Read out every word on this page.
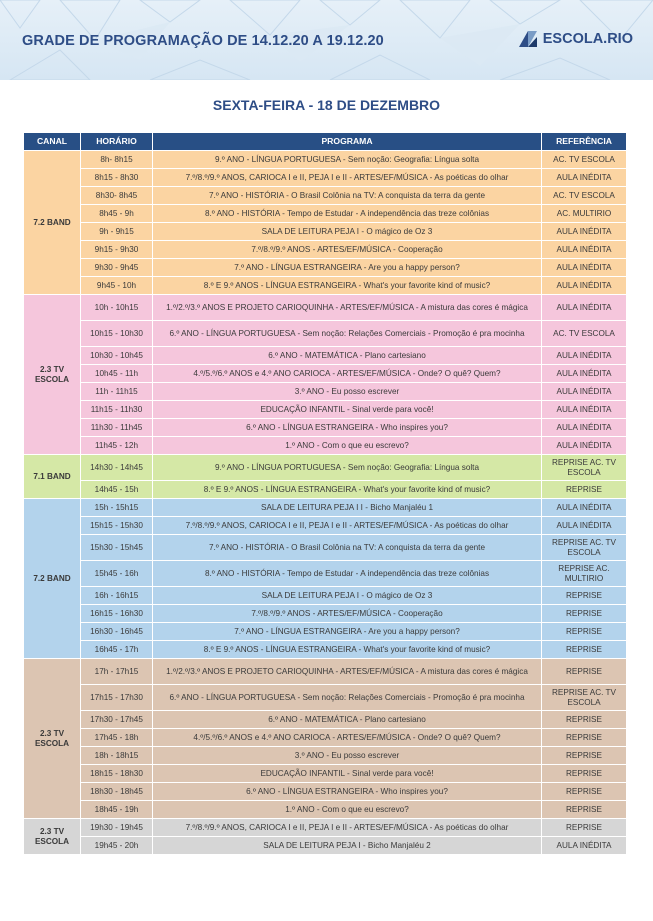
GRADE DE PROGRAMAÇÃO DE 14.12.20 A 19.12.20	ESCOLA.RIO
SEXTA-FEIRA - 18 DE DEZEMBRO
CANAL	HORÁRIO	PROGRAMA	REFERÊNCIA
7.2 BAND	8h- 8h15	9.º ANO - LÍNGUA PORTUGUESA - Sem noção: Geografia: Língua solta	AC. TV ESCOLA
	8h15 - 8h30	7.º/8.º/9.º ANOS, CARIOCA I e II, PEJA I e II - ARTES/EF/MÚSICA - As poéticas do olhar	AULA INÉDITA
	8h30- 8h45	7.º ANO - HISTÓRIA - O Brasil Colônia na TV: A conquista da terra da gente	AC. TV ESCOLA
	8h45 - 9h	8.º ANO - HISTÓRIA - Tempo de Estudar - A independência das treze colônias	AC. MULTIRIO
	9h - 9h15	SALA DE LEITURA PEJA I - O mágico de Oz 3	AULA INÉDITA
	9h15 - 9h30	7.º/8.º/9.º ANOS - ARTES/EF/MÚSICA - Cooperação	AULA INÉDITA
	9h30 - 9h45	7.º ANO - LÍNGUA ESTRANGEIRA - Are you a happy person?	AULA INÉDITA
	9h45 - 10h	8.º E 9.º ANOS - LÍNGUA ESTRANGEIRA - What's your favorite kind of music?	AULA INÉDITA
2.3 TV ESCOLA	10h - 10h15	1.º/2.º/3.º ANOS E PROJETO CARIOQUINHA - ARTES/EF/MÚSICA - A mistura das cores é mágica	AULA INÉDITA
	10h15 - 10h30	6.º ANO - LÍNGUA PORTUGUESA - Sem noção: Relações Comerciais - Promoção é pra mocinha	AC. TV ESCOLA
	10h30 - 10h45	6.º ANO - MATEMÁTICA - Plano cartesiano	AULA INÉDITA
	10h45 - 11h	4.º/5.º/6.º ANOS e 4.º ANO CARIOCA - ARTES/EF/MÚSICA - Onde? O quê? Quem?	AULA INÉDITA
	11h - 11h15	3.º ANO - Eu posso escrever	AULA INÉDITA
	11h15 - 11h30	EDUCAÇÃO INFANTIL - Sinal verde para você!	AULA INÉDITA
	11h30 - 11h45	6.º ANO - LÍNGUA ESTRANGEIRA - Who inspires you?	AULA INÉDITA
	11h45 - 12h	1.º ANO - Com o que eu escrevo?	AULA INÉDITA
7.1 BAND	14h30 - 14h45	9.º ANO - LÍNGUA PORTUGUESA - Sem noção: Geografia: Língua solta	REPRISE AC. TV ESCOLA
	14h45 - 15h	8.º E 9.º ANOS - LÍNGUA ESTRANGEIRA - What's your favorite kind of music?	REPRISE
7.2 BAND	15h - 15h15	SALA DE LEITURA PEJA I I - Bicho Manjaléu 1	AULA INÉDITA
	15h15 - 15h30	7.º/8.º/9.º ANOS, CARIOCA I e II, PEJA I e II - ARTES/EF/MÚSICA - As poéticas do olhar	AULA INÉDITA
	15h30 - 15h45	7.º ANO - HISTÓRIA - O Brasil Colônia na TV: A conquista da terra da gente	REPRISE AC. TV ESCOLA
	15h45 - 16h	8.º ANO - HISTÓRIA - Tempo de Estudar - A independência das treze colônias	REPRISE AC. MULTIRIO
	16h - 16h15	SALA DE LEITURA PEJA I - O mágico de Oz 3	REPRISE
	16h15 - 16h30	7.º/8.º/9.º ANOS - ARTES/EF/MÚSICA - Cooperação	REPRISE
	16h30 - 16h45	7.º ANO - LÍNGUA ESTRANGEIRA - Are you a happy person?	REPRISE
	16h45 - 17h	8.º E 9.º ANOS - LÍNGUA ESTRANGEIRA - What's your favorite kind of music?	REPRISE
2.3 TV ESCOLA	17h - 17h15	1.º/2.º/3.º ANOS E PROJETO CARIOQUINHA - ARTES/EF/MÚSICA - A mistura das cores é mágica	REPRISE
	17h15 - 17h30	6.º ANO - LÍNGUA PORTUGUESA - Sem noção: Relações Comerciais - Promoção é pra mocinha	REPRISE AC. TV ESCOLA
	17h30 - 17h45	6.º ANO - MATEMÁTICA - Plano cartesiano	REPRISE
	17h45 - 18h	4.º/5.º/6.º ANOS e 4.º ANO CARIOCA - ARTES/EF/MÚSICA - Onde? O quê? Quem?	REPRISE
	18h - 18h15	3.º ANO - Eu posso escrever	REPRISE
	18h15 - 18h30	EDUCAÇÃO INFANTIL - Sinal verde para você!	REPRISE
	18h30 - 18h45	6.º ANO - LÍNGUA ESTRANGEIRA - Who inspires you?	REPRISE
	18h45 - 19h	1.º ANO - Com o que eu escrevo?	REPRISE
2.3 TV ESCOLA	19h30 - 19h45	7.º/8.º/9.º ANOS, CARIOCA I e II, PEJA I e II - ARTES/EF/MÚSICA - As poéticas do olhar	REPRISE
	19h45 - 20h	SALA DE LEITURA PEJA I - Bicho Manjaléu 2	AULA INÉDITA
